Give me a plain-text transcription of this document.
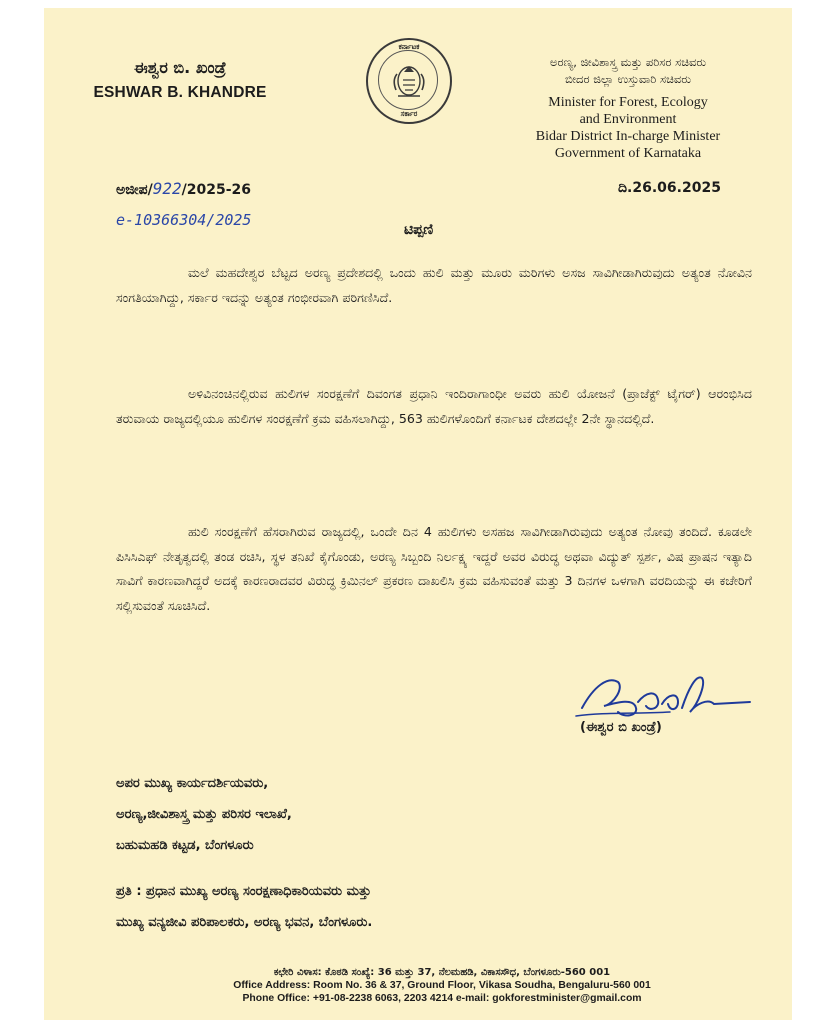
ಈಶ್ವರ ಬಿ. ಖಂಡ್ರೆ
ESHWAR B. KHANDRE
ಕರ್ನಾಟಕ
ಸರ್ಕಾರ
ಅರಣ್ಯ, ಜೀವಿಶಾಸ್ತ್ರ ಮತ್ತು ಪರಿಸರ ಸಚಿವರು
ಬೀದರ ಜಿಲ್ಲಾ ಉಸ್ತುವಾರಿ ಸಚಿವರು
Minister for Forest, Ecology
and Environment
Bidar District In-charge Minister
Government of Karnataka
ಅಜೀಪ/922/2025-26
e-10366304/2025
ದಿ.26.06.2025
ಟಿಪ್ಪಣಿ
ಮಲೆ ಮಹದೇಶ್ವರ ಬೆಟ್ಟದ ಅರಣ್ಯ ಪ್ರದೇಶದಲ್ಲಿ ಒಂದು ಹುಲಿ ಮತ್ತು ಮೂರು ಮರಿಗಳು ಅಸಜ ಸಾವಿಗೀಡಾಗಿರುವುದು ಅತ್ಯಂತ ನೋವಿನ ಸಂಗತಿಯಾಗಿದ್ದು, ಸರ್ಕಾರ ಇದನ್ನು ಅತ್ಯಂತ ಗಂಭೀರವಾಗಿ ಪರಿಗಣಿಸಿದೆ.
ಅಳಿವಿನಂಚಿನಲ್ಲಿರುವ ಹುಲಿಗಳ ಸಂರಕ್ಷಣೆಗೆ ದಿವಂಗತ ಪ್ರಧಾನಿ ಇಂದಿರಾಗಾಂಧೀ ಅವರು ಹುಲಿ ಯೋಜನೆ (ಪ್ರಾಜೆಕ್ಟ್ ಟೈಗರ್) ಆರಂಭಿಸಿದ ತರುವಾಯ ರಾಜ್ಯದಲ್ಲಿಯೂ ಹುಲಿಗಳ ಸಂರಕ್ಷಣೆಗೆ ಕ್ರಮ ವಹಿಸಲಾಗಿದ್ದು, 563 ಹುಲಿಗಳೊಂದಿಗೆ ಕರ್ನಾಟಕ ದೇಶದಲ್ಲೇ 2ನೇ ಸ್ಥಾನದಲ್ಲಿದೆ.
ಹುಲಿ ಸಂರಕ್ಷಣೆಗೆ ಹೆಸರಾಗಿರುವ ರಾಜ್ಯದಲ್ಲಿ, ಒಂದೇ ದಿನ 4 ಹುಲಿಗಳು ಅಸಹಜ ಸಾವಿಗೀಡಾಗಿರುವುದು ಅತ್ಯಂತ ನೋವು ತಂದಿದೆ. ಕೂಡಲೇ ಪಿಸಿಸಿಎಫ್ ನೇತೃತ್ವದಲ್ಲಿ ತಂಡ ರಚಿಸಿ, ಸ್ಥಳ ತನಿಖೆ ಕೈಗೊಂಡು, ಅರಣ್ಯ ಸಿಬ್ಬಂದಿ ನಿರ್ಲಕ್ಷ್ಯ ಇದ್ದರೆ ಅವರ ವಿರುದ್ಧ ಅಥವಾ ವಿದ್ಯುತ್ ಸ್ಪರ್ಶ, ವಿಷ ಪ್ರಾಷನ ಇತ್ಯಾದಿ ಸಾವಿಗೆ ಕಾರಣವಾಗಿದ್ದರೆ ಅದಕ್ಕೆ ಕಾರಣರಾದವರ ವಿರುದ್ಧ ಕ್ರಿಮಿನಲ್ ಪ್ರಕರಣ ದಾಖಲಿಸಿ ಕ್ರಮ ವಹಿಸುವಂತೆ ಮತ್ತು 3 ದಿನಗಳ ಒಳಗಾಗಿ ವರದಿಯನ್ನು ಈ ಕಚೇರಿಗೆ ಸಲ್ಲಿಸುವಂತೆ ಸೂಚಿಸಿದೆ.
(ಈಶ್ವರ ಬಿ ಖಂಡ್ರೆ)
ಅಪರ ಮುಖ್ಯ ಕಾರ್ಯದರ್ಶಿಯವರು,
ಅರಣ್ಯ,ಜೀವಿಶಾಸ್ತ್ರ ಮತ್ತು ಪರಿಸರ ಇಲಾಖೆ,
ಬಹುಮಹಡಿ ಕಟ್ಟಡ, ಬೆಂಗಳೂರು
ಪ್ರತಿ : ಪ್ರಧಾನ ಮುಖ್ಯ ಅರಣ್ಯ ಸಂರಕ್ಷಣಾಧಿಕಾರಿಯವರು ಮತ್ತು
ಮುಖ್ಯ ವನ್ಯಜೀವಿ ಪರಿಪಾಲಕರು, ಅರಣ್ಯ ಭವನ, ಬೆಂಗಳೂರು.
ಕಛೇರಿ ವಿಳಾಸ: ಕೊಠಡಿ ಸಂಖ್ಯೆ: 36 ಮತ್ತು 37, ನೆಲಮಹಡಿ, ವಿಕಾಸಸೌಧ, ಬೆಂಗಳೂರು-560 001
Office Address: Room No. 36 & 37, Ground Floor, Vikasa Soudha, Bengaluru-560 001
Phone Office: +91-08-2238 6063, 2203 4214 e-mail: gokforestminister@gmail.com
